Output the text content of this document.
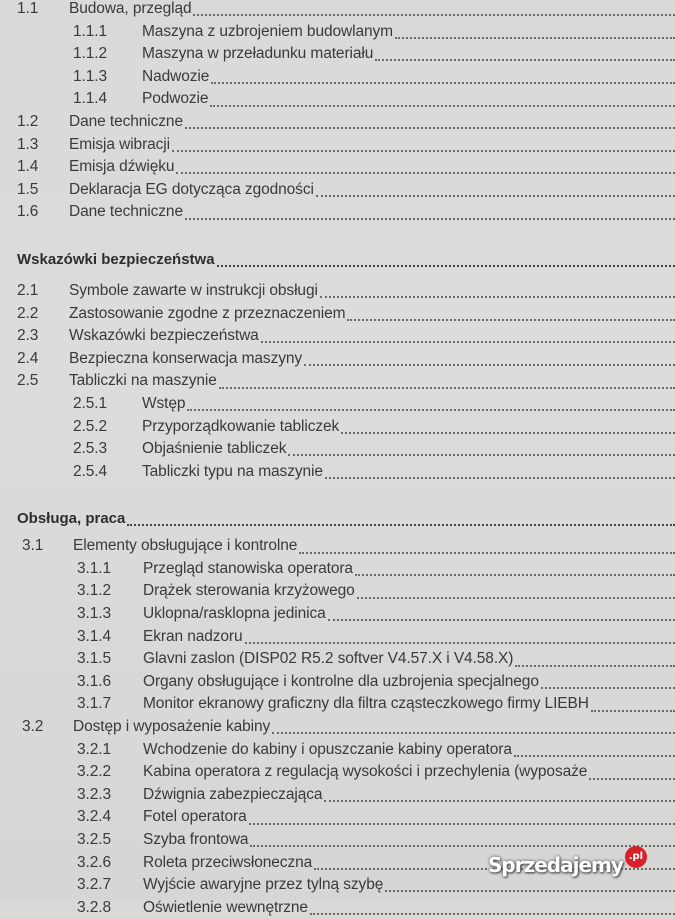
1.1	Budowa, przegląd
1.1.1	Maszyna z uzbrojeniem budowlanym
1.1.2	Maszyna w przeładunku materiału
1.1.3	Nadwozie
1.1.4	Podwozie
1.2	Dane techniczne
1.3	Emisja wibracji
1.4	Emisja dźwięku
1.5	Deklaracja EG dotycząca zgodności
1.6	Dane techniczne
Wskazówki bezpieczeństwa
2.1	Symbole zawarte w instrukcji obsługi
2.2	Zastosowanie zgodne z przeznaczeniem
2.3	Wskazówki bezpieczeństwa
2.4	Bezpieczna konserwacja maszyny
2.5	Tabliczki na maszynie
2.5.1	Wstęp
2.5.2	Przyporządkowanie tabliczek
2.5.3	Objaśnienie tabliczek
2.5.4	Tabliczki typu na maszynie
Obsługa, praca
3.1	Elementy obsługujące i kontrolne
3.1.1	Przegląd stanowiska operatora
3.1.2	Drążek sterowania krzyżowego
3.1.3	Uklopna/rasklopna jedinica
3.1.4	Ekran nadzoru
3.1.5	Glavni zaslon (DISP02 R5.2 softver V4.57.X i V4.58.X)
3.1.6	Organy obsługujące i kontrolne dla uzbrojenia specjalnego
3.1.7	Monitor ekranowy graficzny dla filtra cząsteczkowego firmy LIEBH
3.2	Dostęp i wyposażenie kabiny
3.2.1	Wchodzenie do kabiny i opuszczanie kabiny operatora
3.2.2	Kabina operatora z regulacją wysokości i przechylenia (wyposaże
3.2.3	Dźwignia zabezpieczająca
3.2.4	Fotel operatora
3.2.5	Szyba frontowa
3.2.6	Roleta przeciwsłoneczna
3.2.7	Wyjście awaryjne przez tylną szybę
3.2.8	Oświetlenie wewnętrzne
Sprzedajemy .pl
